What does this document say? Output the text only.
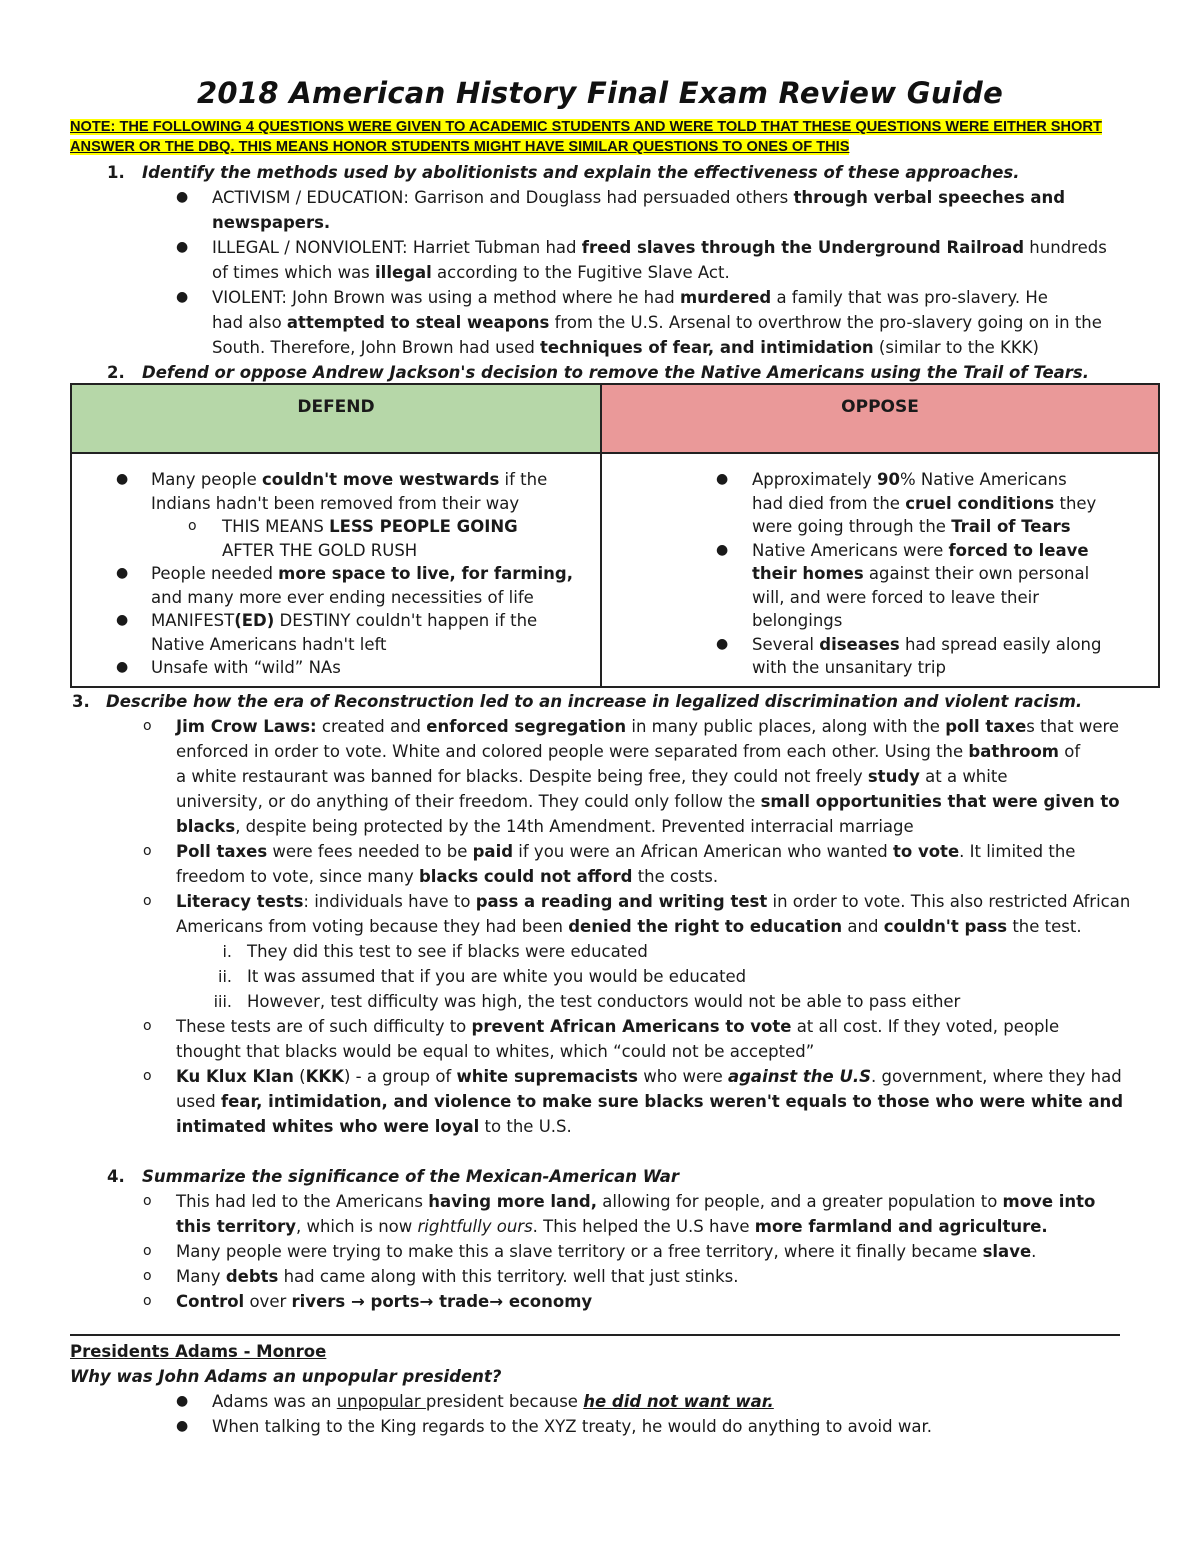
2018 American History Final Exam Review Guide
NOTE: THE FOLLOWING 4 QUESTIONS WERE GIVEN TO ACADEMIC STUDENTS AND WERE TOLD THAT THESE QUESTIONS WERE EITHER SHORT ANSWER OR THE DBQ. THIS MEANS HONOR STUDENTS MIGHT HAVE SIMILAR QUESTIONS TO ONES OF THIS
1. Identify the methods used by abolitionists and explain the effectiveness of these approaches.
● ACTIVISM / EDUCATION: Garrison and Douglass had persuaded others through verbal speeches and
newspapers.
● ILLEGAL / NONVIOLENT: Harriet Tubman had freed slaves through the Underground Railroad hundreds
of times which was illegal according to the Fugitive Slave Act.
● VIOLENT: John Brown was using a method where he had murdered a family that was pro-slavery. He
had also attempted to steal weapons from the U.S. Arsenal to overthrow the pro-slavery going on in the
South. Therefore, John Brown had used techniques of fear, and intimidation (similar to the KKK)
2. Defend or oppose Andrew Jackson's decision to remove the Native Americans using the Trail of Tears.
DEFEND	OPPOSE
● Many people couldn't move westwards if the
Indians hadn't been removed from their way
o THIS MEANS LESS PEOPLE GOING
AFTER THE GOLD RUSH
● People needed more space to live, for farming,
and many more ever ending necessities of life
● MANIFEST(ED) DESTINY couldn't happen if the
Native Americans hadn't left
● Unsafe with “wild” NAs
● Approximately 90% Native Americans
had died from the cruel conditions they
were going through the Trail of Tears
● Native Americans were forced to leave
their homes against their own personal
will, and were forced to leave their
belongings
● Several diseases had spread easily along
with the unsanitary trip
3. Describe how the era of Reconstruction led to an increase in legalized discrimination and violent racism.
o Jim Crow Laws: created and enforced segregation in many public places, along with the poll taxes that were
enforced in order to vote. White and colored people were separated from each other. Using the bathroom of
a white restaurant was banned for blacks. Despite being free, they could not freely study at a white
university, or do anything of their freedom. They could only follow the small opportunities that were given to
blacks, despite being protected by the 14th Amendment. Prevented interracial marriage
o Poll taxes were fees needed to be paid if you were an African American who wanted to vote. It limited the
freedom to vote, since many blacks could not afford the costs.
o Literacy tests: individuals have to pass a reading and writing test in order to vote. This also restricted African
Americans from voting because they had been denied the right to education and couldn't pass the test.
i. They did this test to see if blacks were educated
ii. It was assumed that if you are white you would be educated
iii. However, test difficulty was high, the test conductors would not be able to pass either
o These tests are of such difficulty to prevent African Americans to vote at all cost. If they voted, people
thought that blacks would be equal to whites, which “could not be accepted”
o Ku Klux Klan (KKK) - a group of white supremacists who were against the U.S. government, where they had
used fear, intimidation, and violence to make sure blacks weren't equals to those who were white and
intimated whites who were loyal to the U.S.
4. Summarize the significance of the Mexican-American War
o This had led to the Americans having more land, allowing for people, and a greater population to move into
this territory, which is now rightfully ours. This helped the U.S have more farmland and agriculture.
o Many people were trying to make this a slave territory or a free territory, where it finally became slave.
o Many debts had came along with this territory. well that just stinks.
o Control over rivers → ports→ trade→ economy
Presidents Adams - Monroe
Why was John Adams an unpopular president?
● Adams was an unpopular president because he did not want war.
● When talking to the King regards to the XYZ treaty, he would do anything to avoid war.
